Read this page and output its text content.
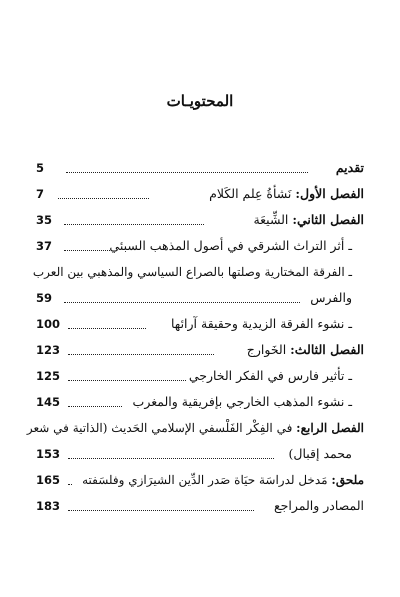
المحتويـات
تقديم
5
الفصل الأول: نَشأةُ عِلم الكَلام
7
الفصل الثاني: الشِّيعَة
35
ـ أثر التراث الشرقي في أصول المذهب السبئي
37
ـ الفرقة المختارية وصلتها بالصراع السياسي والمذهبي بين العرب
والفرس
59
ـ نشوء الفرقة الزيدية وحقيقة آرائها
100
الفصل الثالث: الخَوارج
123
ـ تأثير فارس في الفكر الخارجي
125
ـ نشوء المذهب الخارجي بإفريقية والمغرب
145
الفصل الرابع: في الفِكْر الفَلْسفي الإسلامي الحَديث (الذاتية في شعر
محمد إقبال)
153
ملحق: مَدخل لدراسَة حيَاة صَدر الدِّين الشيرَازي وفلسَفته
165
المصادر والمراجع
183
